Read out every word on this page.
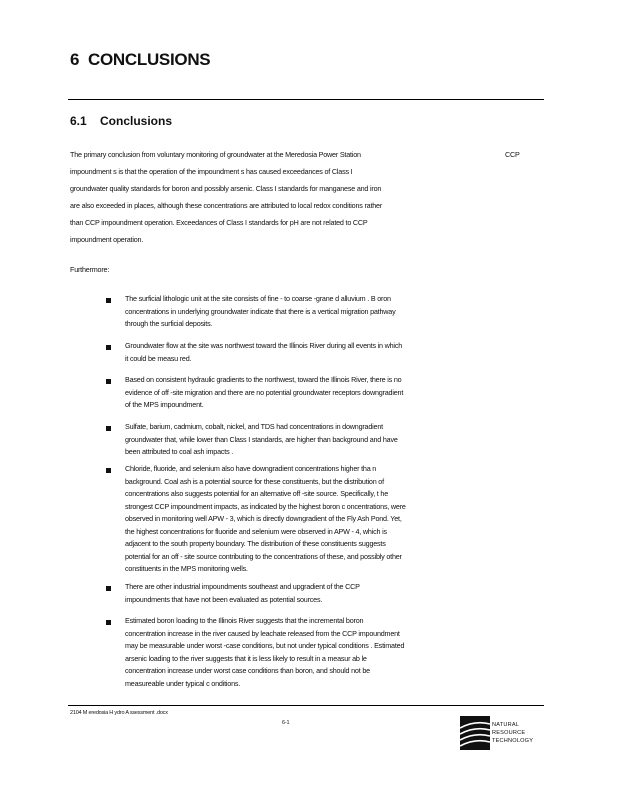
6 CONCLUSIONS
6.1 Conclusions
The primary conclusion from voluntary monitoring of groundwater at the Meredosia Power Station	CCP
impoundment s is that the operation of the impoundment s has caused exceedances of Class I
groundwater quality standards for boron and possibly arsenic. Class I standards for manganese and iron
are also exceeded in places, although these concentrations are attributed to local redox conditions rather
than CCP impoundment operation. Exceedances of Class I standards for pH are not related to CCP
impoundment operation.
Furthermore:
The surficial lithologic unit at the site consists of fine - to coarse -grane d alluvium . B oron
concentrations in underlying groundwater indicate that there is a vertical migration pathway
through the surficial deposits.
Groundwater flow at the site was northwest toward the Illinois River during all events in which
it could be measu red.
Based on consistent hydraulic gradients to the northwest, toward the Illinois River, there is no
evidence of off -site migration and there are no potential groundwater receptors downgradient
of the MPS impoundment.
Sulfate, barium, cadmium, cobalt, nickel, and TDS had concentrations in downgradient
groundwater that, while lower than Class I standards, are higher than background and have
been attributed to coal ash impacts .
Chloride, fluoride, and selenium also have downgradient concentrations higher tha n
background. Coal ash is a potential source for these constituents, but the distribution of
concentrations also suggests potential for an alternative off -site source. Specifically, t he
strongest CCP impoundment impacts, as indicated by the highest boron c oncentrations, were
observed in monitoring well APW - 3, which is directly downgradient of the Fly Ash Pond. Yet,
the highest concentrations for fluoride and selenium were observed in APW - 4, which is
adjacent to the south property boundary. The distribution of these constituents suggests
potential for an off - site source contributing to the concentrations of these, and possibly other
constituents in the MPS monitoring wells.
There are other industrial impoundments southeast and upgradient of the CCP
impoundments that have not been evaluated as potential sources.
Estimated boron loading to the Illinois River suggests that the incremental boron
concentration increase in the river caused by leachate released from the CCP impoundment
may be measurable under worst -case conditions, but not under typical conditions . Estimated
arsenic loading to the river suggests that it is less likely to result in a measur ab le
concentration increase under worst case conditions than boron, and should not be
measureable under typical c onditions.
2104 M eredosia H ydro A ssessment .docx
6-1	NATURAL
RESOURCE
TECHNOLOGY
